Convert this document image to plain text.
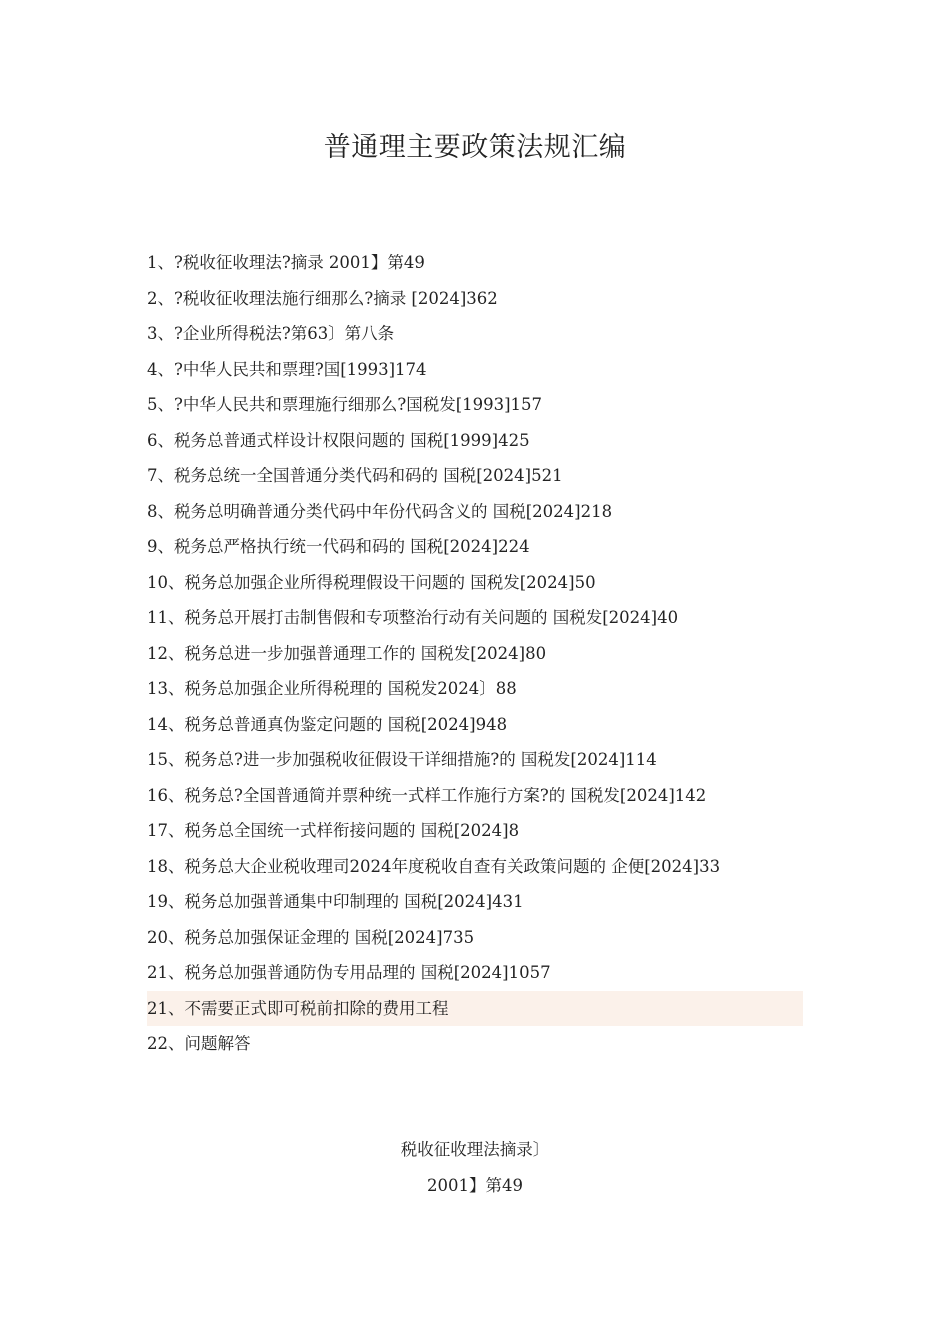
普通理主要政策法规汇编
1、?税收征收理法?摘录 2001】第49
2、?税收征收理法施行细那么?摘录 [2024]362
3、?企业所得税法?第63〕第八条
4、?中华人民共和票理?国[1993]174
5、?中华人民共和票理施行细那么?国税发[1993]157
6、税务总普通式样设计权限问题的 国税[1999]425
7、税务总统一全国普通分类代码和码的 国税[2024]521
8、税务总明确普通分类代码中年份代码含义的 国税[2024]218
9、税务总严格执行统一代码和码的 国税[2024]224
10、税务总加强企业所得税理假设干问题的 国税发[2024]50
11、税务总开展打击制售假和专项整治行动有关问题的 国税发[2024]40
12、税务总进一步加强普通理工作的 国税发[2024]80
13、税务总加强企业所得税理的 国税发2024〕88
14、税务总普通真伪鉴定问题的 国税[2024]948
15、税务总?进一步加强税收征假设干详细措施?的 国税发[2024]114
16、税务总?全国普通简并票种统一式样工作施行方案?的 国税发[2024]142
17、税务总全国统一式样衔接问题的 国税[2024]8
18、税务总大企业税收理司2024年度税收自查有关政策问题的 企便[2024]33
19、税务总加强普通集中印制理的 国税[2024]431
20、税务总加强保证金理的 国税[2024]735
21、税务总加强普通防伪专用品理的 国税[2024]1057
21、不需要正式即可税前扣除的费用工程
22、问题解答
税收征收理法摘录〕
2001】第49
